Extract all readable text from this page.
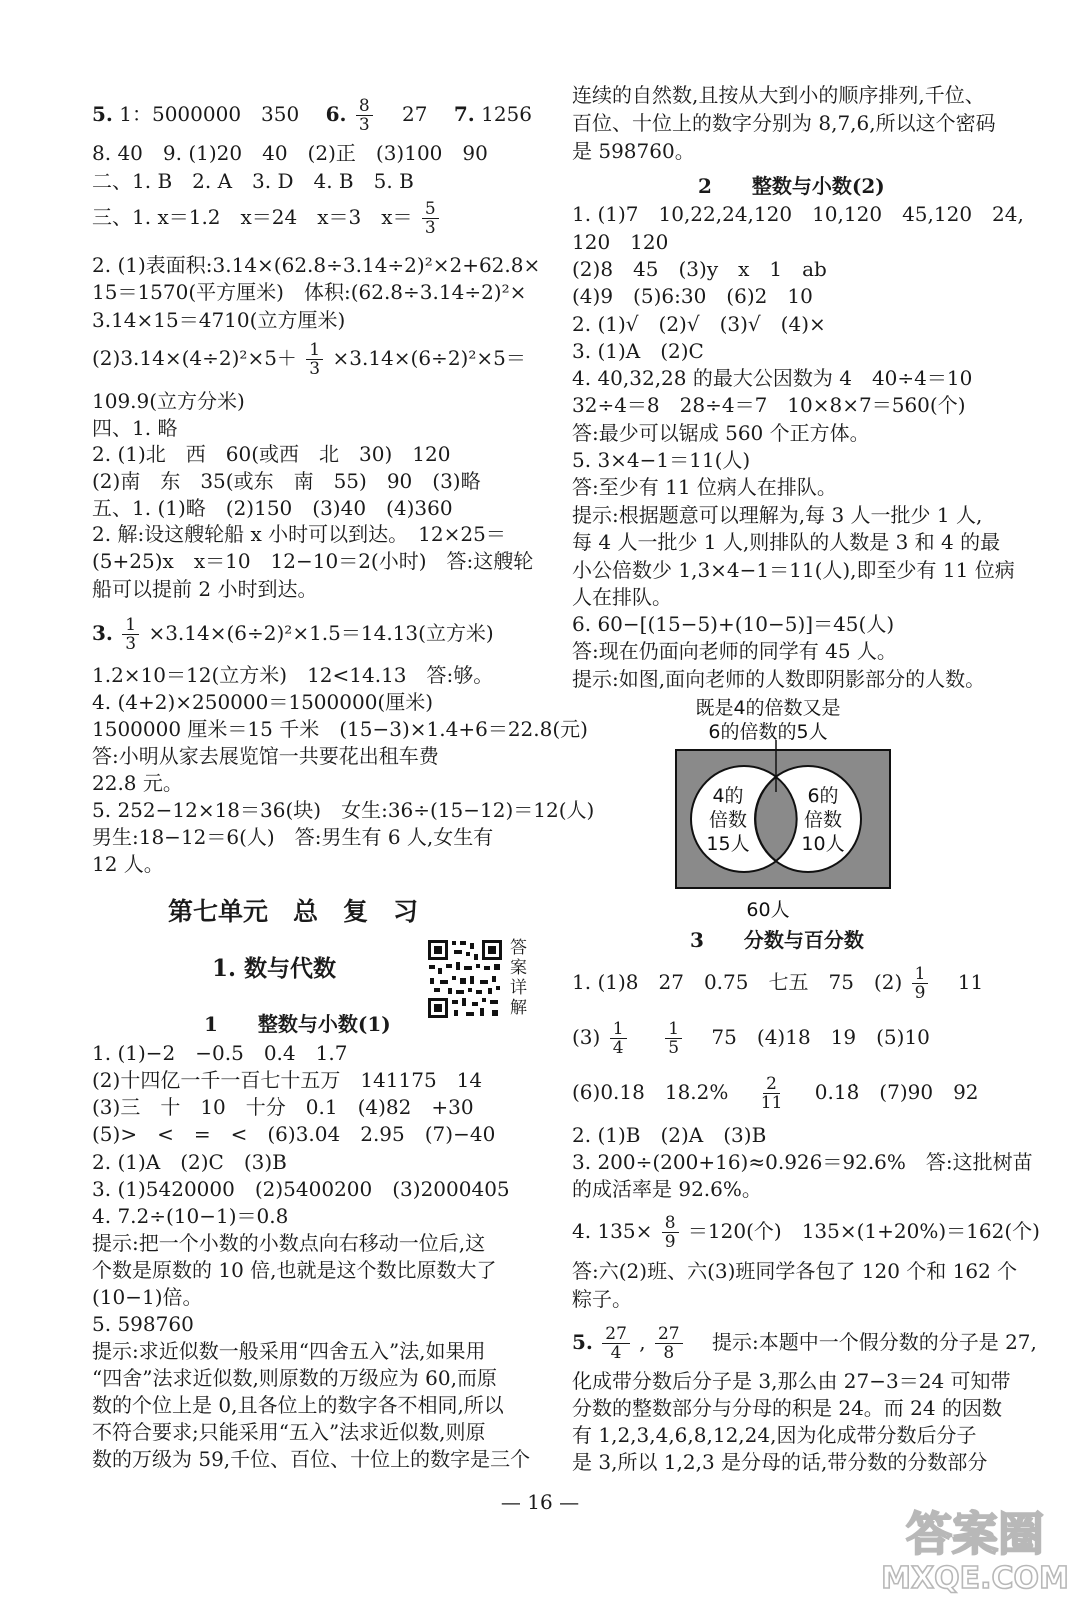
5. 1：5000000　350　 6. $\frac{8}{3}$ 　27　 7. 1256
8. 40　9. (1)20　40　(2)正　(3)100　90
二、1. B　2. A　3. D　4. B　5. B
三、1. x＝1.2　x＝24　x＝3　$x= \frac{5}{3}$
2. (1)表面积:3.14×(62.8÷3.14÷2)²×2+62.8×
15＝1570(平方厘米)　体积:(62.8÷3.14÷2)²×
3.14×15＝4710(立方厘米)
$(2)3.14\times(4\div 2)^2\times 5+ \frac{1}{3} \times 3.14\times(6\div 2)^2\times 5=$
109.9(立方分米)
四、1. 略
2. (1)北　西　60(或西　北　30)　120
(2)南　东　35(或东　南　55)　90　(3)略
五、1. (1)略　(2)150　(3)40　(4)360
2. 解:设这艘轮船 x 小时可以到达。　12×25＝
(5+25)x　x＝10　12−10＝2(小时)　答:这艘轮
船可以提前 2 小时到达。
3. $\frac{1}{3} \times 3.14\times(6\div 2)^2\times 1.5=14.13$(立方米)
1.2×10＝12(立方米)　12<14.13　答:够。
4. (4+2)×250000＝1500000(厘米)
1500000 厘米＝15 千米　(15−3)×1.4+6＝22.8(元)
答:小明从家去展览馆一共要花出租车费
22.8 元。
5. 252−12×18＝36(块)　女生:36÷(15−12)＝12(人)
男生:18−12＝6(人)　答:男生有 6 人,女生有
12 人。
第七单元　总　复　习
1. 数与代数
答案详解
1　　整数与小数(1)
1. (1)−2　−0.5　0.4　1.7
(2)十四亿一千一百七十五万　141175　14
(3)三　十　10　十分　0.1　(4)82　+30
(5)>　<　=　<　(6)3.04　2.95　(7)−40
2. (1)A　(2)C　(3)B
3. (1)5420000　(2)5400200　(3)2000405
4. 7.2÷(10−1)＝0.8
提示:把一个小数的小数点向右移动一位后,这
个数是原数的 10 倍,也就是这个数比原数大了
(10−1)倍。
5. 598760
提示:求近似数一般采用“四舍五入”法,如果用
“四舍”法求近似数,则原数的万级应为 60,而原
数的个位上是 0,且各位上的数字各不相同,所以
不符合要求;只能采用“五入”法求近似数,则原
数的万级为 59,千位、百位、十位上的数字是三个
连续的自然数,且按从大到小的顺序排列,千位、
百位、十位上的数字分别为 8,7,6,所以这个密码
是 598760。
2　　整数与小数(2)
1. (1)7　10,22,24,120　10,120　45,120　24,
120　120
(2)8　45　(3)y　x　1　ab
(4)9　(5)6:30　(6)2　10
2. (1)√　(2)√　(3)√　(4)×
3. (1)A　(2)C
4. 40,32,28 的最大公因数为 4　40÷4＝10
32÷4＝8　28÷4＝7　10×8×7＝560(个)
答:最少可以锯成 560 个正方体。
5. 3×4−1＝11(人)
答:至少有 11 位病人在排队。
提示:根据题意可以理解为,每 3 人一批少 1 人,
每 4 人一批少 1 人,则排队的人数是 3 和 4 的最
小公倍数少 1,3×4−1＝11(人),即至少有 11 位病
人在排队。
6. 60−[(15−5)+(10−5)]＝45(人)
答:现在仍面向老师的同学有 45 人。
提示:如图,面向老师的人数即阴影部分的人数。
既是4的倍数又是
6的倍数的5人
4的
倍数
15人
6的
倍数
10人
60人
3　　分数与百分数
1. (1)8　27　0.75　七五　75　$(2) \frac{1}{9}$ 　11
$(3) \frac{1}{4}$
　 $\frac{1}{5}$ 　75　(4)18　19　(5)10
(6)0.18　18.2%　 $\frac{2}{11}$ 　0.18̇　(7)90　92
2. (1)B　(2)A　(3)B
3. 200÷(200+16)≈0.926＝92.6%　答:这批树苗
的成活率是 92.6%。
4. $135\times \frac{8}{9} =120$(个)　135×(1+20%)＝162(个)
答:六(2)班、六(3)班同学各包了 120 个和 162 个
粽子。
5. $\frac{27}{4}$ , $\frac{27}{8}$ 　提示:本题中一个假分数的分子是 27,
化成带分数后分子是 3,那么由 27−3＝24 可知带
分数的整数部分与分母的积是 24。而 24 的因数
有 1,2,3,4,6,8,12,24,因为化成带分数后分子
是 3,所以 1,2,3 是分母的话,带分数的分数部分
— 16 —
答案圈
MXQE.COM
